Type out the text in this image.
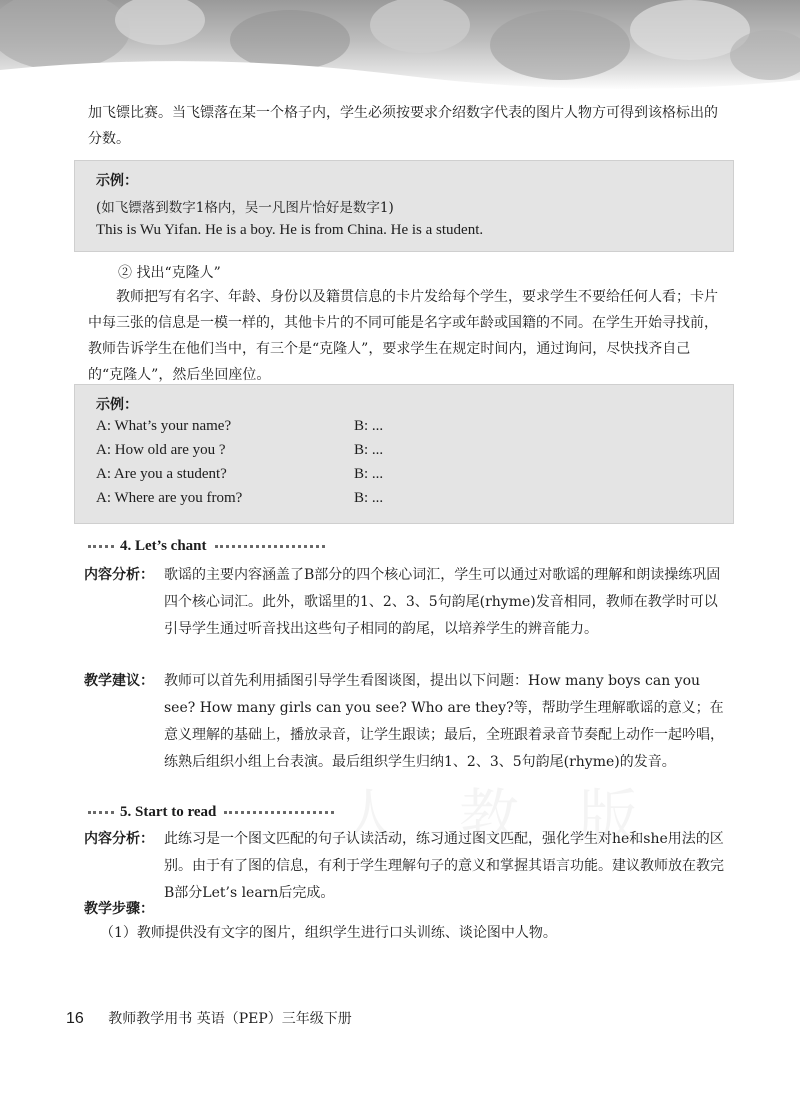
加飞镖比赛。当飞镖落在某一个格子内，学生必须按要求介绍数字代表的图片人物方可得到该格标出的分数。

示例：
(如飞镖落到数字1格内，吴一凡图片恰好是数字1)
This is Wu Yifan. He is a boy. He is from China. He is a student.
② 找出“克隆人”

教师把写有名字、年龄、身份以及籍贯信息的卡片发给每个学生，要求学生不要给任何人看；卡片中每三张的信息是一模一样的，其他卡片的不同可能是名字或年龄或国籍的不同。在学生开始寻找前，教师告诉学生在他们当中，有三个是“克隆人”，要求学生在规定时间内，通过询问，尽快找齐自己的“克隆人”，然后坐回座位。

示例：
A: What’s your name?	B: ...
A: How old are you ?	B: ...
A: Are you a student?	B: ...
A: Where are you from?	B: ...
4. Let’s chant
内容分析： 歌谣的主要内容涵盖了B部分的四个核心词汇，学生可以通过对歌谣的理解和朗读操练巩固四个核心词汇。此外，歌谣里的1、2、3、5句韵尾(rhyme)发音相同，教师在教学时可以引导学生通过听音找出这些句子相同的韵尾，以培养学生的辨音能力。

教学建议： 教师可以首先利用插图引导学生看图谈图，提出以下问题：How many boys can you see? How many girls can you see? Who are they?等，帮助学生理解歌谣的意义；在意义理解的基础上，播放录音，让学生跟读；最后，全班跟着录音节奏配上动作一起吟唱，练熟后组织小组上台表演。最后组织学生归纳1、2、3、5句韵尾(rhyme)的发音。

5. Start to read
内容分析： 此练习是一个图文匹配的句子认读活动，练习通过图文匹配，强化学生对he和she用法的区别。由于有了图的信息，有利于学生理解句子的意义和掌握其语言功能。建议教师放在教完B部分Let’s learn后完成。

教学步骤：

（1）教师提供没有文字的图片，组织学生进行口头训练、谈论图中人物。

16 教师教学用书 英语（PEP）三年级下册
